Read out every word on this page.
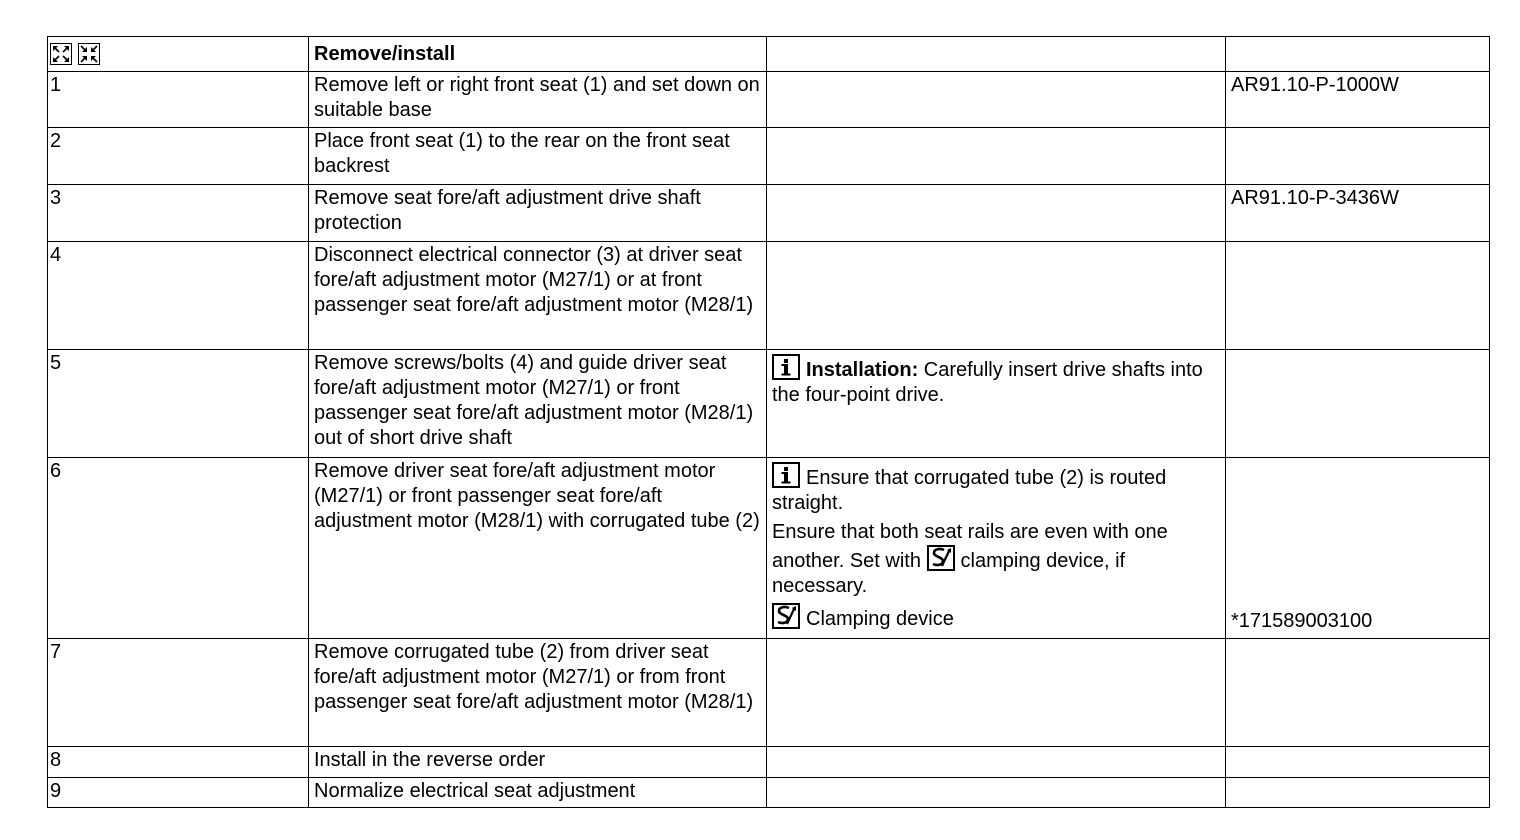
	Remove/install		
1	Remove left or right front seat (1) and set down on suitable base		AR91.10-P-1000W
2	Place front seat (1) to the rear on the front seat backrest		
3	Remove seat fore/aft adjustment drive shaft protection		AR91.10-P-3436W
4	Disconnect electrical connector (3) at driver seat fore/aft adjustment motor (M27/1) or at front passenger seat fore/aft adjustment motor (M28/1)		
5	Remove screws/bolts (4) and guide driver seat fore/aft adjustment motor (M27/1) or front passenger seat fore/aft adjustment motor (M28/1) out of short drive shaft	Installation: Carefully insert drive shafts into the four-point drive.	
6	Remove driver seat fore/aft adjustment motor (M27/1) or front passenger seat fore/aft adjustment motor (M28/1) with corrugated tube (2)	Ensure that corrugated tube (2) is routed straight.
Ensure that both seat rails are even with one another. Set with
clamping device, if necessary.
Clamping device	*171589003100
7	Remove corrugated tube (2) from driver seat fore/aft adjustment motor (M27/1) or from front passenger seat fore/aft adjustment motor (M28/1)		
8	Install in the reverse order		
9	Normalize electrical seat adjustment		
